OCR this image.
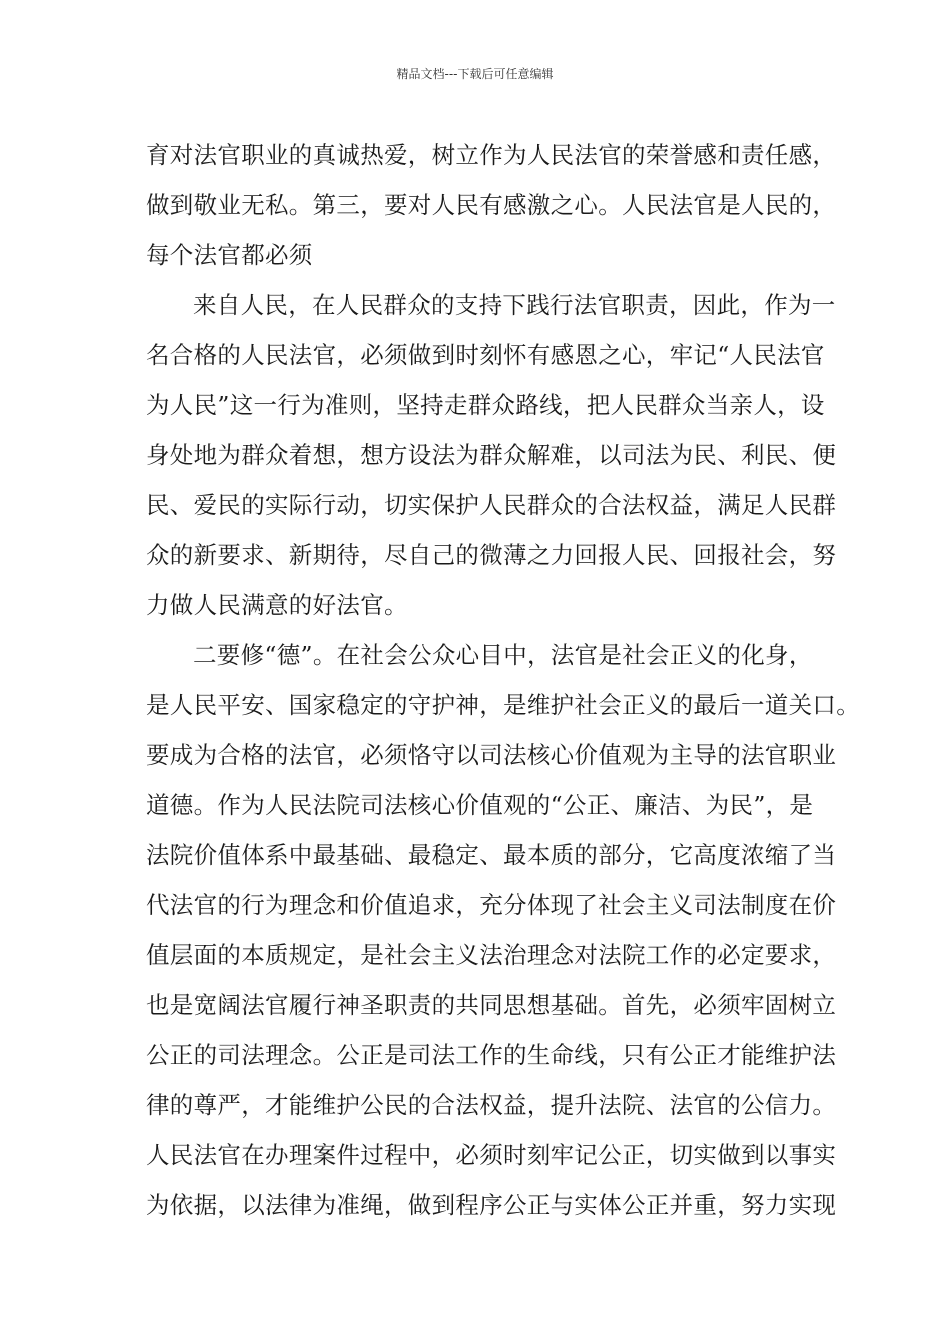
精品文档---下载后可任意编辑
育对法官职业的真诚热爱，树立作为人民法官的荣誉感和责任感，
做到敬业无私。第三，要对人民有感激之心。人民法官是人民的，
每个法官都必须
来自人民，在人民群众的支持下践行法官职责，因此，作为一
名合格的人民法官，必须做到时刻怀有感恩之心，牢记“人民法官
为人民”这一行为准则，坚持走群众路线，把人民群众当亲人，设
身处地为群众着想，想方设法为群众解难，以司法为民、利民、便
民、爱民的实际行动，切实保护人民群众的合法权益，满足人民群
众的新要求、新期待，尽自己的微薄之力回报人民、回报社会，努
力做人民满意的好法官。
二要修“德”。在社会公众心目中，法官是社会正义的化身，
是人民平安、国家稳定的守护神，是维护社会正义的最后一道关口。
要成为合格的法官，必须恪守以司法核心价值观为主导的法官职业
道德。作为人民法院司法核心价值观的“公正、廉洁、为民”，是
法院价值体系中最基础、最稳定、最本质的部分，它高度浓缩了当
代法官的行为理念和价值追求，充分体现了社会主义司法制度在价
值层面的本质规定，是社会主义法治理念对法院工作的必定要求，
也是宽阔法官履行神圣职责的共同思想基础。首先，必须牢固树立
公正的司法理念。公正是司法工作的生命线，只有公正才能维护法
律的尊严，才能维护公民的合法权益，提升法院、法官的公信力。
人民法官在办理案件过程中，必须时刻牢记公正，切实做到以事实
为依据，以法律为准绳，做到程序公正与实体公正并重，努力实现
